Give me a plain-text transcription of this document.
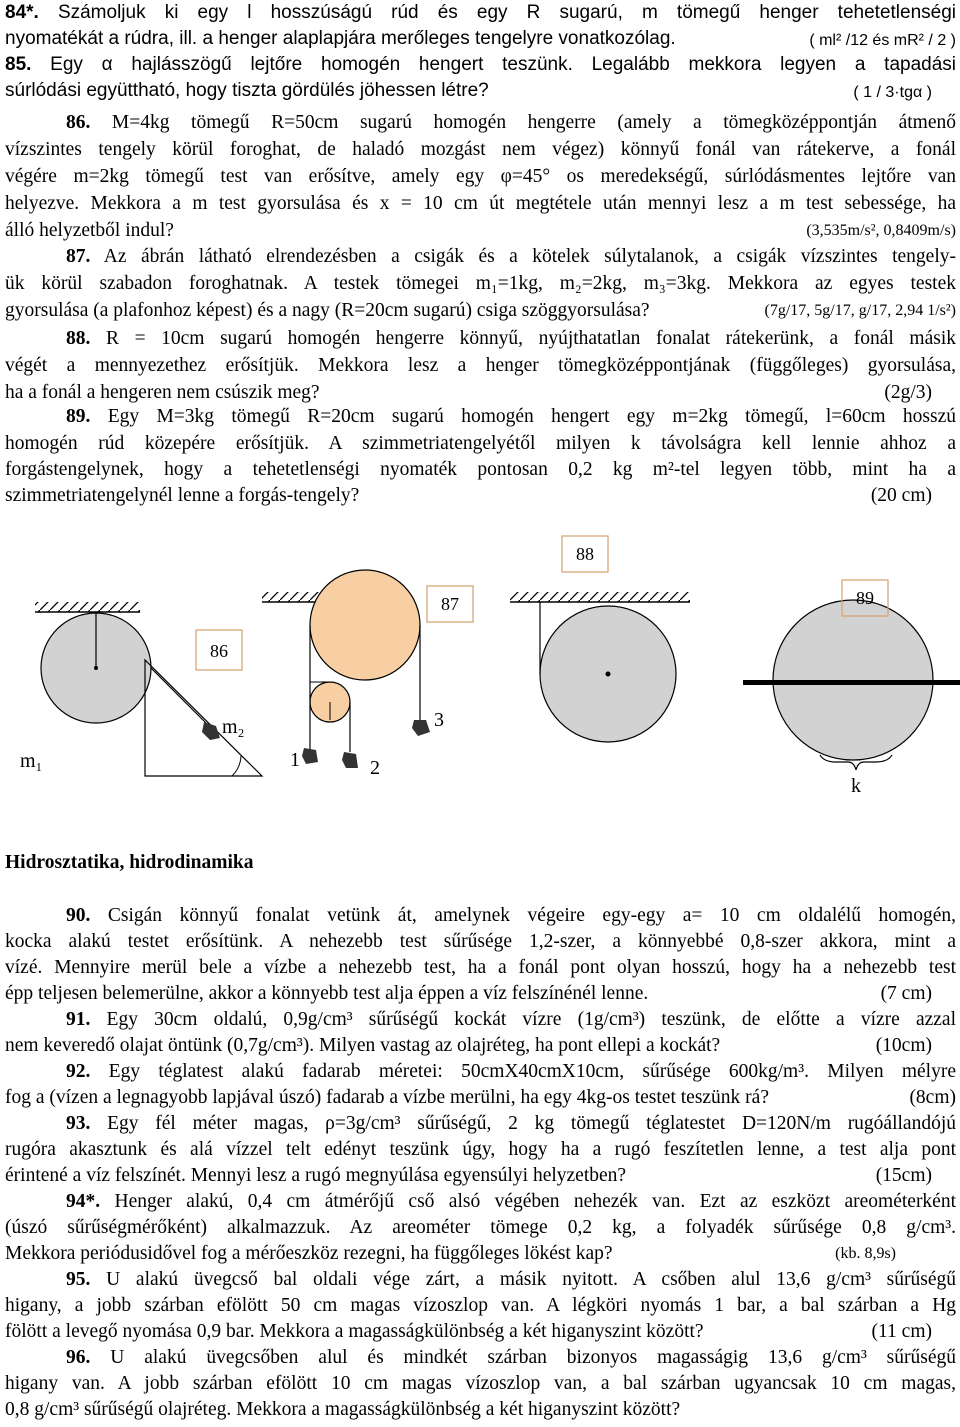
84*. Számoljuk ki egy l hosszúságú rúd és egy R sugarú, m tömegű henger tehetetlenségi
nyomatékát a rúdra, ill. a henger alaplapjára merőleges tengelyre vonatkozólag.	( ml² /12 és mR² / 2 )
85. Egy α hajlásszögű lejtőre homogén hengert teszünk. Legalább mekkora legyen a tapadási
súrlódási együttható, hogy tiszta gördülés jöhessen létre?	( 1 / 3·tgα )
86. M=4kg tömegű R=50cm sugarú homogén hengerre (amely a tömegközéppontján átmenő
vízszintes tengely körül foroghat, de haladó mozgást nem végez) könnyű fonál van rátekerve, a fonál
végére m=2kg tömegű test van erősítve, amely egy φ=45° os meredekségű, súrlódásmentes lejtőre van
helyezve. Mekkora a m test gyorsulása és x = 10 cm út megtétele után mennyi lesz a m test sebessége, ha
álló helyzetből indul?	(3,535m/s², 0,8409m/s)
87. Az ábrán látható elrendezésben a csigák és a kötelek súlytalanok, a csigák vízszintes tengely-
ük körül szabadon foroghatnak. A testek tömegei m₁=1kg, m₂=2kg, m₃=3kg. Mekkora az egyes testek
gyorsulása (a plafonhoz képest) és a nagy (R=20cm sugarú) csiga szöggyorsulása?	(7g/17, 5g/17, g/17, 2,94 1/s²)
88. R = 10cm sugarú homogén hengerre könnyű, nyújthatatlan fonalat rátekerünk, a fonál másik
végét a mennyezethez erősítjük. Mekkora lesz a henger tömegközéppontjának (függőleges) gyorsulása,
ha a fonál a hengeren nem csúszik meg?	(2g/3)
89. Egy M=3kg tömegű R=20cm sugarú homogén hengert egy m=2kg tömegű, l=60cm hosszú
homogén rúd közepére erősítjük. A szimmetriatengelyétől milyen k távolságra kell lennie ahhoz a
forgástengelynek, hogy a tehetetlenségi nyomaték pontosan 0,2 kg m²-tel legyen több, mint ha a
szimmetriatengelynél lenne a forgás-tengely?	(20 cm)
86
m₂
m₁
87
1	2
3
88
89
k
Hidrosztatika, hidrodinamika
90. Csigán könnyű fonalat vetünk át, amelynek végeire egy-egy a= 10 cm oldalélű homogén,
kocka alakú testet erősítünk. A nehezebb test sűrűsége 1,2-szer, a könnyebbé 0,8-szer akkora, mint a
vízé. Mennyire merül bele a vízbe a nehezebb test, ha a fonál pont olyan hosszú, hogy ha a nehezebb test
épp teljesen belemerülne, akkor a könnyebb test alja éppen a víz felszínénél lenne.	(7 cm)
91. Egy 30cm oldalú, 0,9g/cm³ sűrűségű kockát vízre (1g/cm³) teszünk, de előtte a vízre azzal
nem keveredő olajat öntünk (0,7g/cm³). Milyen vastag az olajréteg, ha pont ellepi a kockát?	(10cm)
92. Egy téglatest alakú fadarab méretei: 50cmX40cmX10cm, sűrűsége 600kg/m³. Milyen mélyre
fog a (vízen a legnagyobb lapjával úszó) fadarab a vízbe merülni, ha egy 4kg-os testet teszünk rá?	(8cm)
93. Egy fél méter magas, ρ=3g/cm³ sűrűségű, 2 kg tömegű téglatestet D=120N/m rugóállandójú
rugóra akasztunk és alá vízzel telt edényt teszünk úgy, hogy ha a rugó feszítetlen lenne, a test alja pont
érintené a víz felszínét. Mennyi lesz a rugó megnyúlása egyensúlyi helyzetben?	(15cm)
94*. Henger alakú, 0,4 cm átmérőjű cső alsó végében nehezék van. Ezt az eszközt areométerként
(úszó sűrűségmérőként) alkalmazzuk. Az areométer tömege 0,2 kg, a folyadék sűrűsége 0,8 g/cm³.
Mekkora periódusidővel fog a mérőeszköz rezegni, ha függőleges lökést kap?	(kb. 8,9s)
95. U alakú üvegcső bal oldali vége zárt, a másik nyitott. A csőben alul 13,6 g/cm³ sűrűségű
higany, a jobb szárban efölött 50 cm magas vízoszlop van. A légköri nyomás 1 bar, a bal szárban a Hg
fölött a levegő nyomása 0,9 bar. Mekkora a magasságkülönbség a két higanyszint között?	(11 cm)
96. U alakú üvegcsőben alul és mindkét szárban bizonyos magasságig 13,6 g/cm³ sűrűségű
higany van. A jobb szárban efölött 10 cm magas vízoszlop van, a bal szárban ugyancsak 10 cm magas,
0,8 g/cm³ sűrűségű olajréteg. Mekkora a magasságkülönbség a két higanyszint között?
